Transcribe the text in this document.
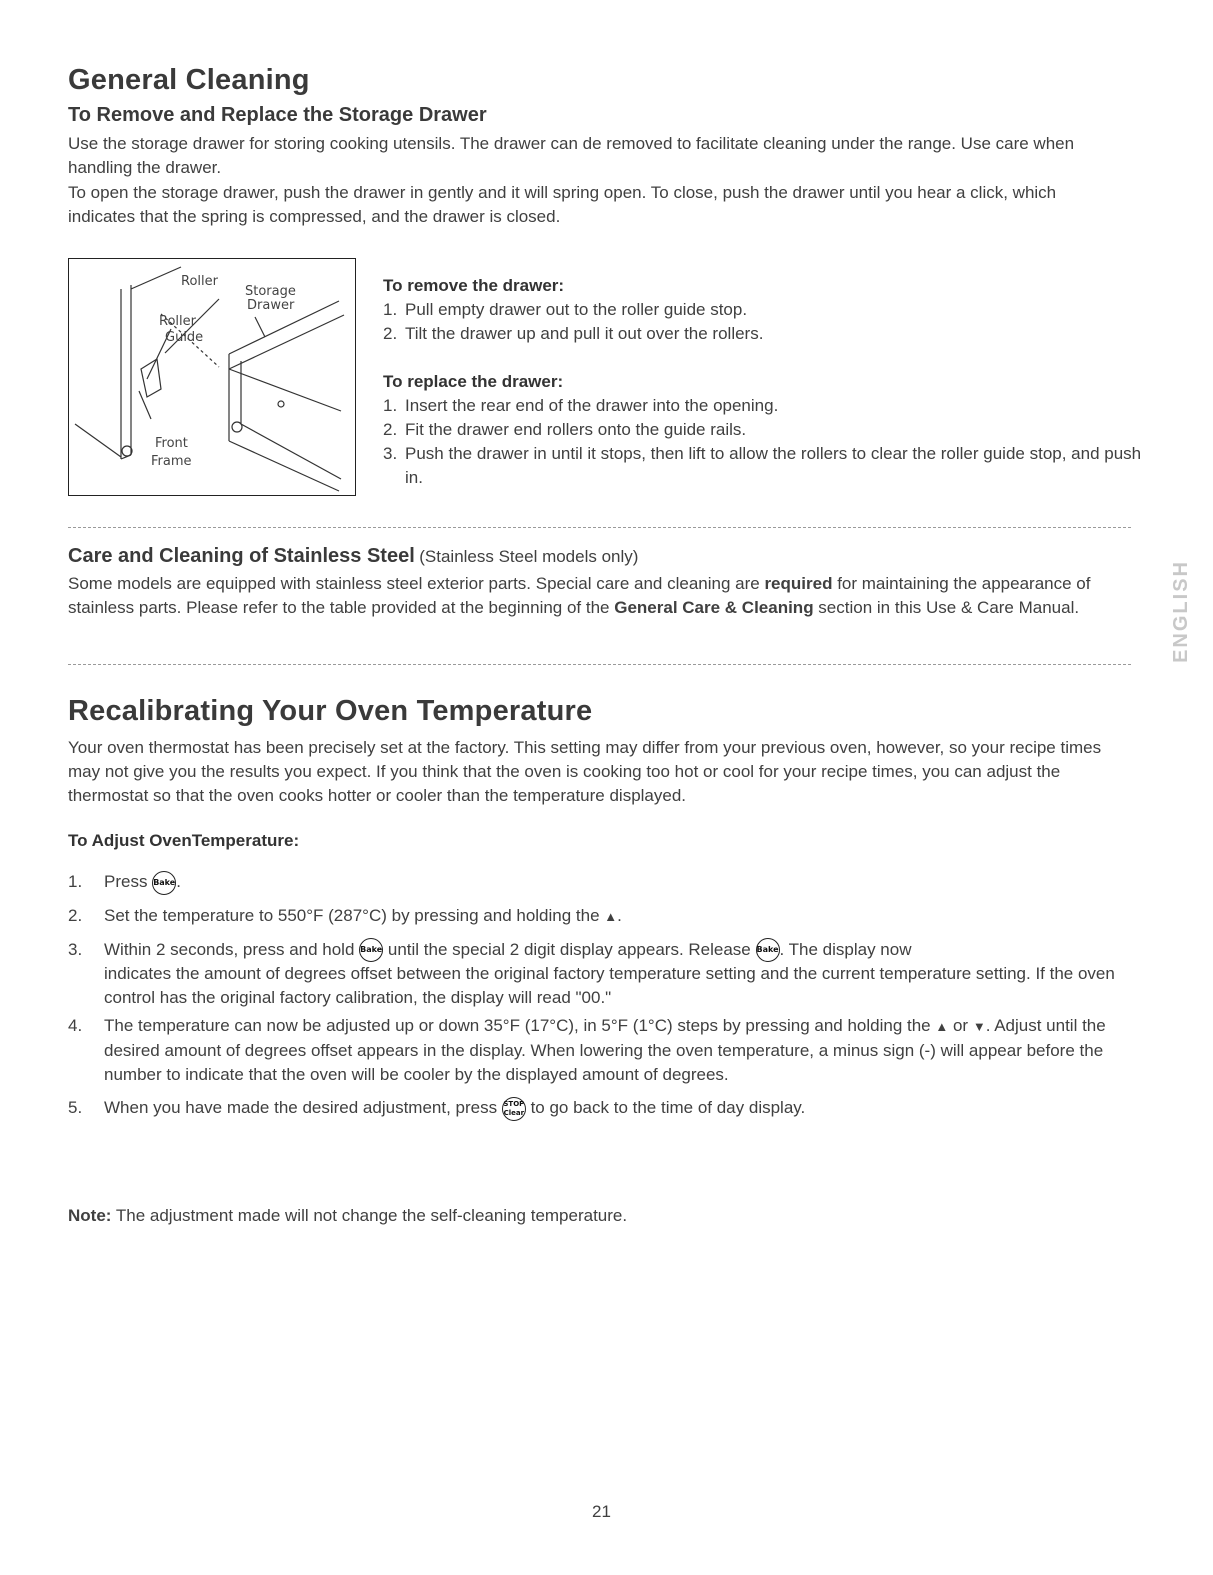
General Cleaning
To Remove and Replace the Storage Drawer
Use the storage drawer for storing cooking utensils. The drawer can de removed to facilitate cleaning under the range. Use care when handling the drawer.
To open the storage drawer, push the drawer in gently and it will spring open. To close, push the drawer until you hear a click, which indicates that the spring is compressed, and the drawer is closed.
Roller
Storage
Drawer
Roller
Guide
Front
Frame
To remove the drawer:
1. Pull empty drawer out to the roller guide stop.
2. Tilt the drawer up and pull it out over the rollers.
To replace the drawer:
1. Insert the rear end of the drawer into the opening.
2. Fit the drawer end rollers onto the guide rails.
3. Push the drawer in until it stops, then lift to allow the rollers to clear the roller guide stop, and push in.
Care and Cleaning of Stainless Steel (Stainless Steel models only)
Some models are equipped with stainless steel exterior parts. Special care and cleaning are required for maintaining the appearance of stainless parts. Please refer to the table provided at the beginning of the General Care & Cleaning section in this Use & Care Manual.	ENGLISH
Recalibrating Your Oven Temperature
Your oven thermostat has been precisely set at the factory. This setting may differ from your previous oven, however, so your recipe times may not give you the results you expect. If you think that the oven is cooking too hot or cool for your recipe times, you can adjust the thermostat so that the oven cooks hotter or cooler than the temperature displayed.
To Adjust OvenTemperature:
1.	Press Bake.
2.	Set the temperature to 550°F (287°C) by pressing and holding the ▲.
3.	Within 2 seconds, press and hold Bake until the special 2 digit display appears. Release Bake. The display now
indicates the amount of degrees offset between the original factory temperature setting and the current temperature setting. If the oven control has the original factory calibration, the display will read "00."
4.	The temperature can now be adjusted up or down 35°F (17°C), in 5°F (1°C) steps by pressing and holding the ▲ or ▼. Adjust until the desired amount of degrees offset appears in the display. When lowering the oven temperature, a minus sign (-) will appear before the number to indicate that the oven will be cooler by the displayed amount of degrees.
5.	When you have made the desired adjustment, press STOP
Clear to go back to the time of day display.
Note: The adjustment made will not change the self-cleaning temperature.
21
